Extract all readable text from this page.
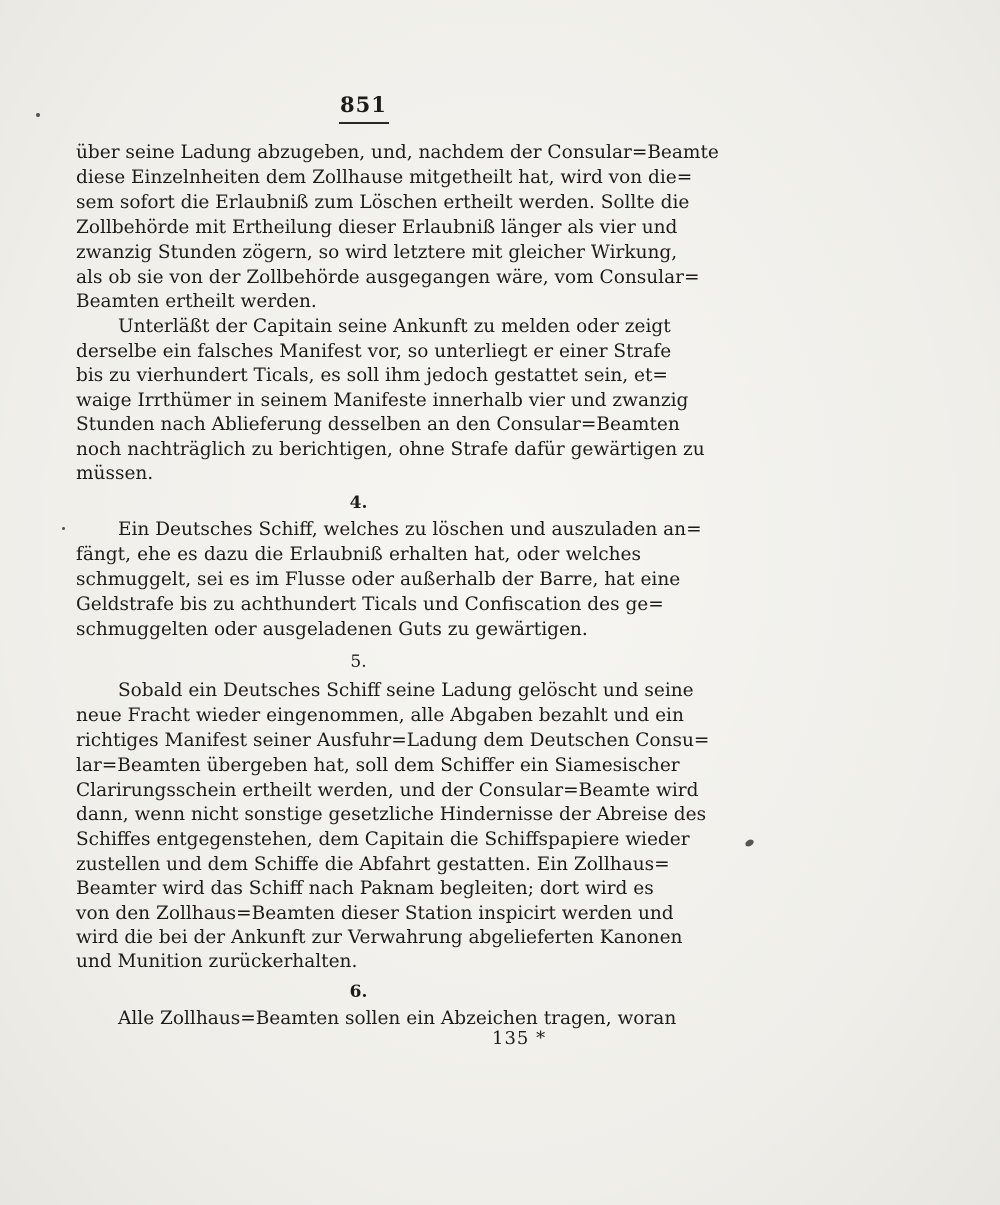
851
über seine Ladung abzugeben, und, nachdem der Consular=Beamte
diese Einzelnheiten dem Zollhause mitgetheilt hat, wird von die=
sem sofort die Erlaubniß zum Löschen ertheilt werden. Sollte die
Zollbehörde mit Ertheilung dieser Erlaubniß länger als vier und
zwanzig Stunden zögern, so wird letztere mit gleicher Wirkung,
als ob sie von der Zollbehörde ausgegangen wäre, vom Consular=
Beamten ertheilt werden.
Unterläßt der Capitain seine Ankunft zu melden oder zeigt
derselbe ein falsches Manifest vor, so unterliegt er einer Strafe
bis zu vierhundert Ticals, es soll ihm jedoch gestattet sein, et=
waige Irrthümer in seinem Manifeste innerhalb vier und zwanzig
Stunden nach Ablieferung desselben an den Consular=Beamten
noch nachträglich zu berichtigen, ohne Strafe dafür gewärtigen zu
müssen.
4.
Ein Deutsches Schiff, welches zu löschen und auszuladen an=
fängt, ehe es dazu die Erlaubniß erhalten hat, oder welches
schmuggelt, sei es im Flusse oder außerhalb der Barre, hat eine
Geldstrafe bis zu achthundert Ticals und Confiscation des ge=
schmuggelten oder ausgeladenen Guts zu gewärtigen.
5.
Sobald ein Deutsches Schiff seine Ladung gelöscht und seine
neue Fracht wieder eingenommen, alle Abgaben bezahlt und ein
richtiges Manifest seiner Ausfuhr=Ladung dem Deutschen Consu=
lar=Beamten übergeben hat, soll dem Schiffer ein Siamesischer
Clarirungsschein ertheilt werden, und der Consular=Beamte wird
dann, wenn nicht sonstige gesetzliche Hindernisse der Abreise des
Schiffes entgegenstehen, dem Capitain die Schiffspapiere wieder
zustellen und dem Schiffe die Abfahrt gestatten. Ein Zollhaus=
Beamter wird das Schiff nach Paknam begleiten; dort wird es
von den Zollhaus=Beamten dieser Station inspicirt werden und
wird die bei der Ankunft zur Verwahrung abgelieferten Kanonen
und Munition zurückerhalten.
6.
Alle Zollhaus=Beamten sollen ein Abzeichen tragen, woran
135 *
